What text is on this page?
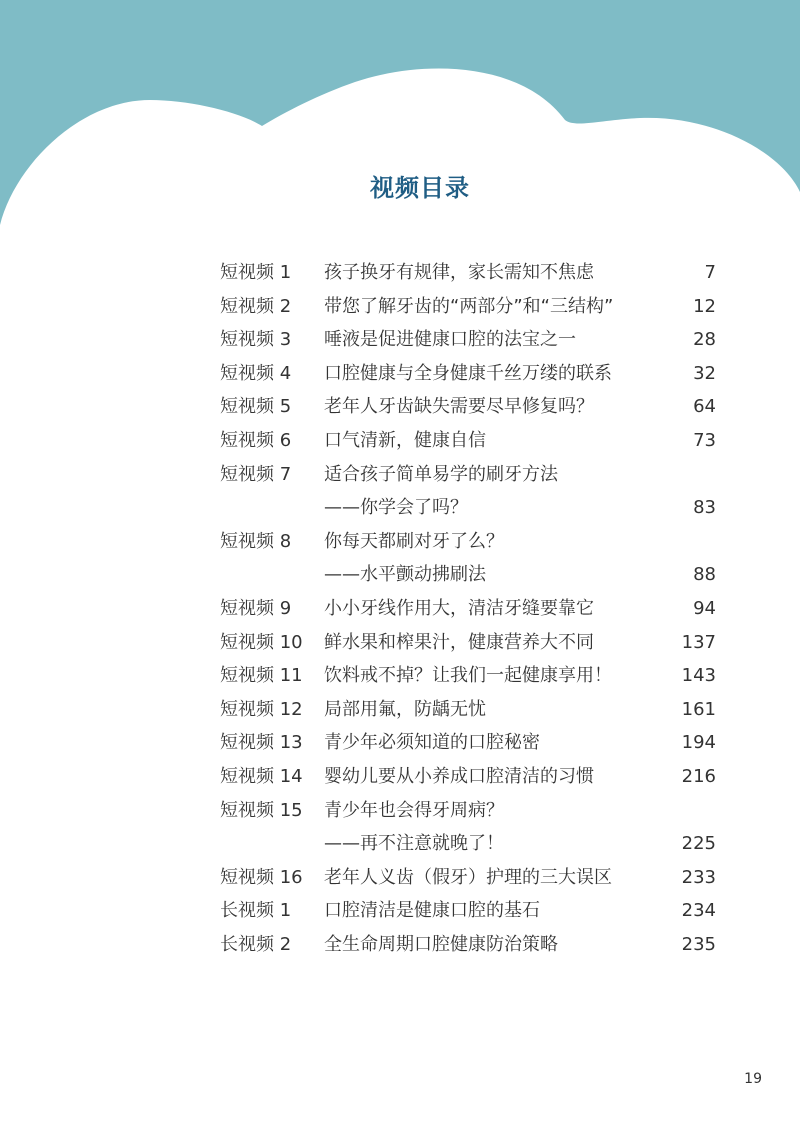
视频目录
短视频 1	孩子换牙有规律，家长需知不焦虑	7
短视频 2	带您了解牙齿的“两部分”和“三结构”	12
短视频 3	唾液是促进健康口腔的法宝之一	28
短视频 4	口腔健康与全身健康千丝万缕的联系	32
短视频 5	老年人牙齿缺失需要尽早修复吗？	64
短视频 6	口气清新，健康自信	73
短视频 7	适合孩子简单易学的刷牙方法
——你学会了吗？	83
短视频 8	你每天都刷对牙了么？
——水平颤动拂刷法	88
短视频 9	小小牙线作用大，清洁牙缝要靠它	94
短视频 10	鲜水果和榨果汁，健康营养大不同	137
短视频 11	饮料戒不掉？让我们一起健康享用！	143
短视频 12	局部用氟，防龋无忧	161
短视频 13	青少年必须知道的口腔秘密	194
短视频 14	婴幼儿要从小养成口腔清洁的习惯	216
短视频 15	青少年也会得牙周病？
——再不注意就晚了！	225
短视频 16	老年人义齿（假牙）护理的三大误区	233
长视频 1	口腔清洁是健康口腔的基石	234
长视频 2	全生命周期口腔健康防治策略	235
19
